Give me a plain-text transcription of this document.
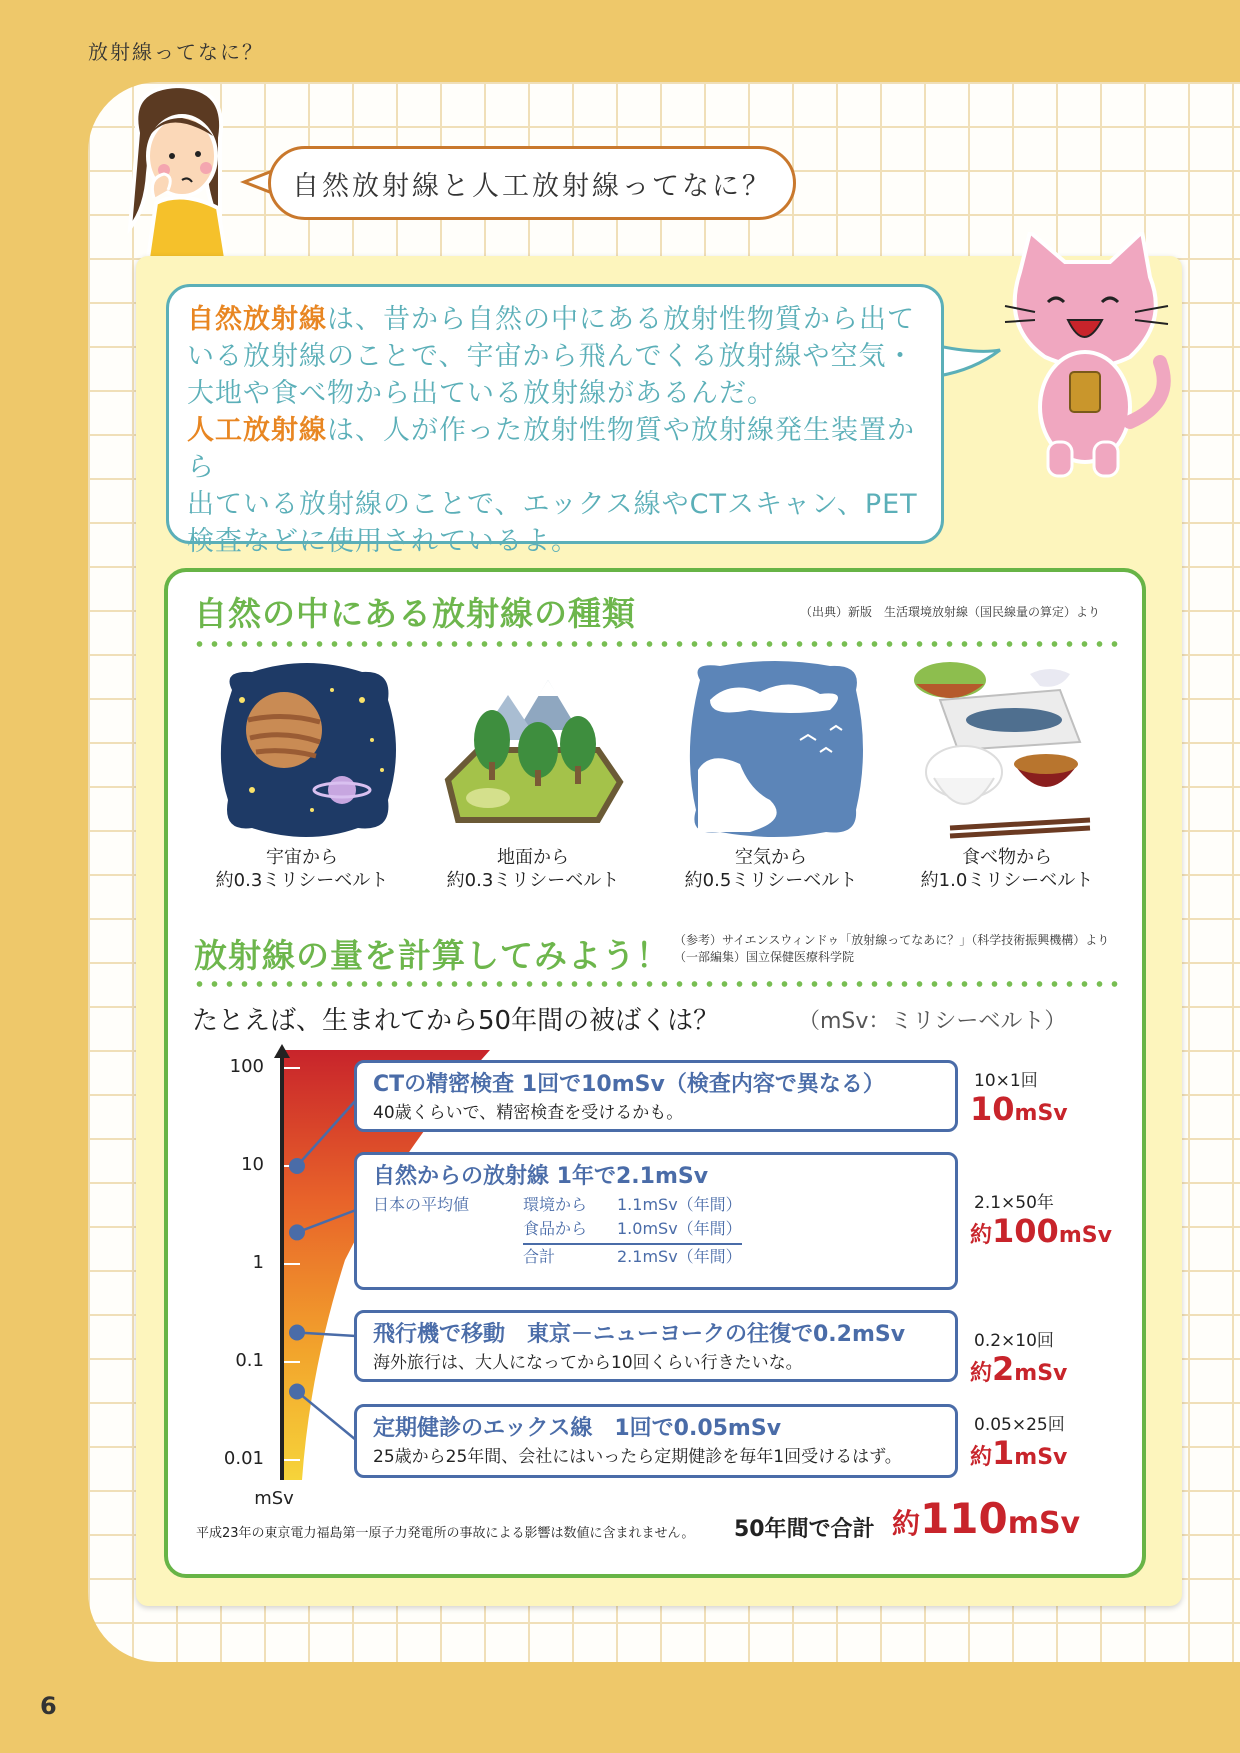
放射線ってなに？
自然放射線と人工放射線ってなに？
自然放射線は、昔から自然の中にある放射性物質から出て
いる放射線のことで、宇宙から飛んでくる放射線や空気・
大地や食べ物から出ている放射線があるんだ。
人工放射線は、人が作った放射性物質や放射線発生装置から
出ている放射線のことで、エックス線やCTスキャン、PET
検査などに使用されているよ。
自然の中にある放射線の種類	（出典）新版　生活環境放射線（国民線量の算定）より
宇宙から
約0.3ミリシーベルト
地面から
約0.3ミリシーベルト
空気から
約0.5ミリシーベルト
食べ物から
約1.0ミリシーベルト
放射線の量を計算してみよう！ （参考）サイエンスウィンドゥ「放射線ってなあに？」（科学技術振興機構）より
（一部編集）国立保健医療科学院
たとえば、生まれてから50年間の被ばくは？	（mSv：ミリシーベルト）
100
10
1
0.1
0.01
mSv
CTの精密検査 1回で10mSv（検査内容で異なる）
40歳くらいで、精密検査を受けるかも。
10×1回
10mSv
自然からの放射線 1年で2.1mSv
日本の平均値	環境から	1.1mSv（年間）
食品から	1.0mSv（年間）
合計	2.1mSv（年間）
2.1×50年
約100mSv
飛行機で移動　東京－ニューヨークの往復で0.2mSv
海外旅行は、大人になってから10回くらい行きたいな。
0.2×10回
約2mSv
定期健診のエックス線　1回で0.05mSv
25歳から25年間、会社にはいったら定期健診を毎年1回受けるはず。
0.05×25回
約1mSv
平成23年の東京電力福島第一原子力発電所の事故による影響は数値に含まれません。 50年間で合計 約110mSv
6
